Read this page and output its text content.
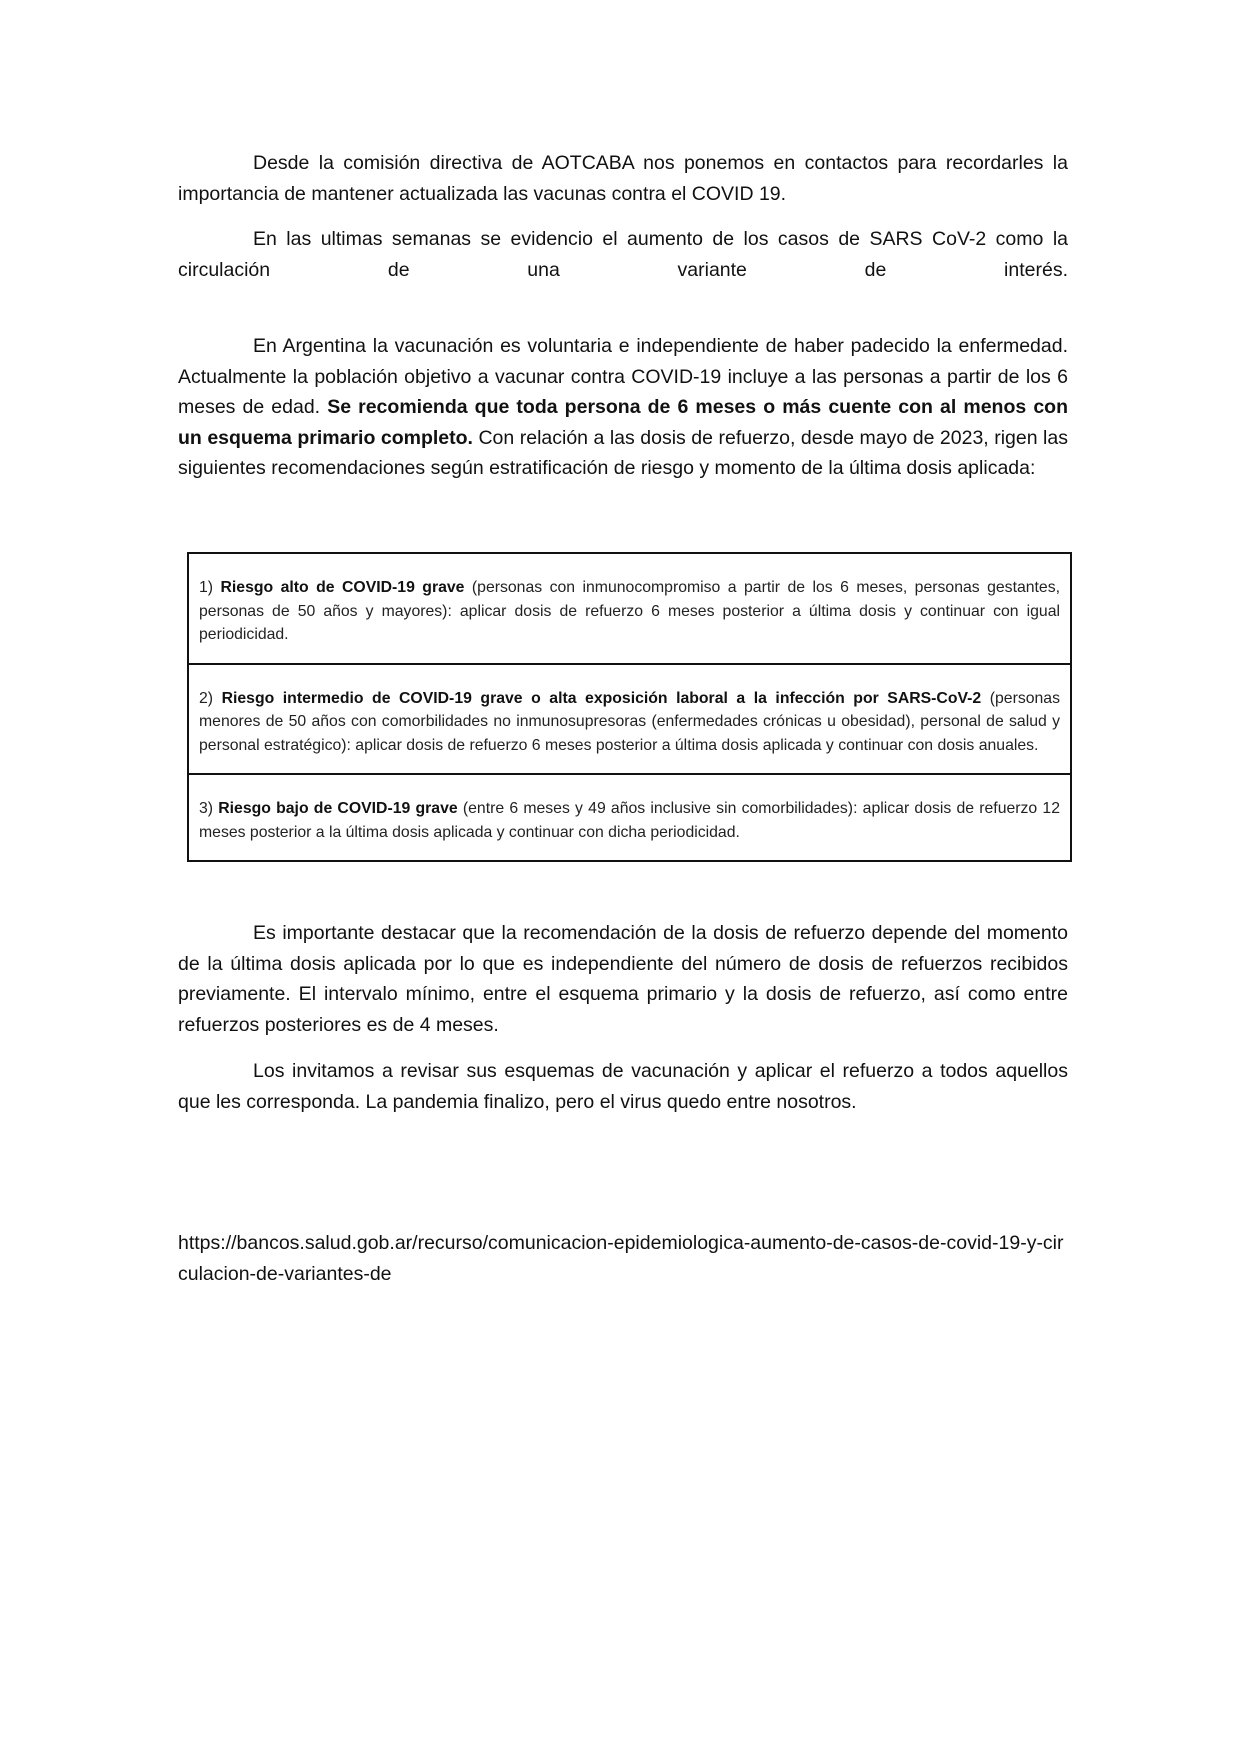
Desde la comisión directiva de AOTCABA nos ponemos en contactos para recordarles la importancia de mantener actualizada las vacunas contra el COVID 19.

En las ultimas semanas se evidencio el aumento de los casos de SARS CoV-2 como la circulación de una variante de interés.

En Argentina la vacunación es voluntaria e independiente de haber padecido la enfermedad. Actualmente la población objetivo a vacunar contra COVID-19 incluye a las personas a partir de los 6 meses de edad. Se recomienda que toda persona de 6 meses o más cuente con al menos con un esquema primario completo. Con relación a las dosis de refuerzo, desde mayo de 2023, rigen las siguientes recomendaciones según estratificación de riesgo y momento de la última dosis aplicada:

1) Riesgo alto de COVID-19 grave (personas con inmunocompromiso a partir de los 6 meses, personas gestantes, personas de 50 años y mayores): aplicar dosis de refuerzo 6 meses posterior a última dosis y continuar con igual periodicidad.
2) Riesgo intermedio de COVID-19 grave o alta exposición laboral a la infección por SARS-CoV-2 (personas menores de 50 años con comorbilidades no inmunosupresoras (enfermedades crónicas u obesidad), personal de salud y personal estratégico): aplicar dosis de refuerzo 6 meses posterior a última dosis aplicada y continuar con dosis anuales.
3) Riesgo bajo de COVID-19 grave (entre 6 meses y 49 años inclusive sin comorbilidades): aplicar dosis de refuerzo 12 meses posterior a la última dosis aplicada y continuar con dicha periodicidad.

Es importante destacar que la recomendación de la dosis de refuerzo depende del momento de la última dosis aplicada por lo que es independiente del número de dosis de refuerzos recibidos previamente. El intervalo mínimo, entre el esquema primario y la dosis de refuerzo, así como entre refuerzos posteriores es de 4 meses.

Los invitamos a revisar sus esquemas de vacunación y aplicar el refuerzo a todos aquellos que les corresponda. La pandemia finalizo, pero el virus quedo entre nosotros.

https://bancos.salud.gob.ar/recurso/comunicacion-epidemiologica-aumento-de-casos-de-covid-19-y-circulacion-de-variantes-de
